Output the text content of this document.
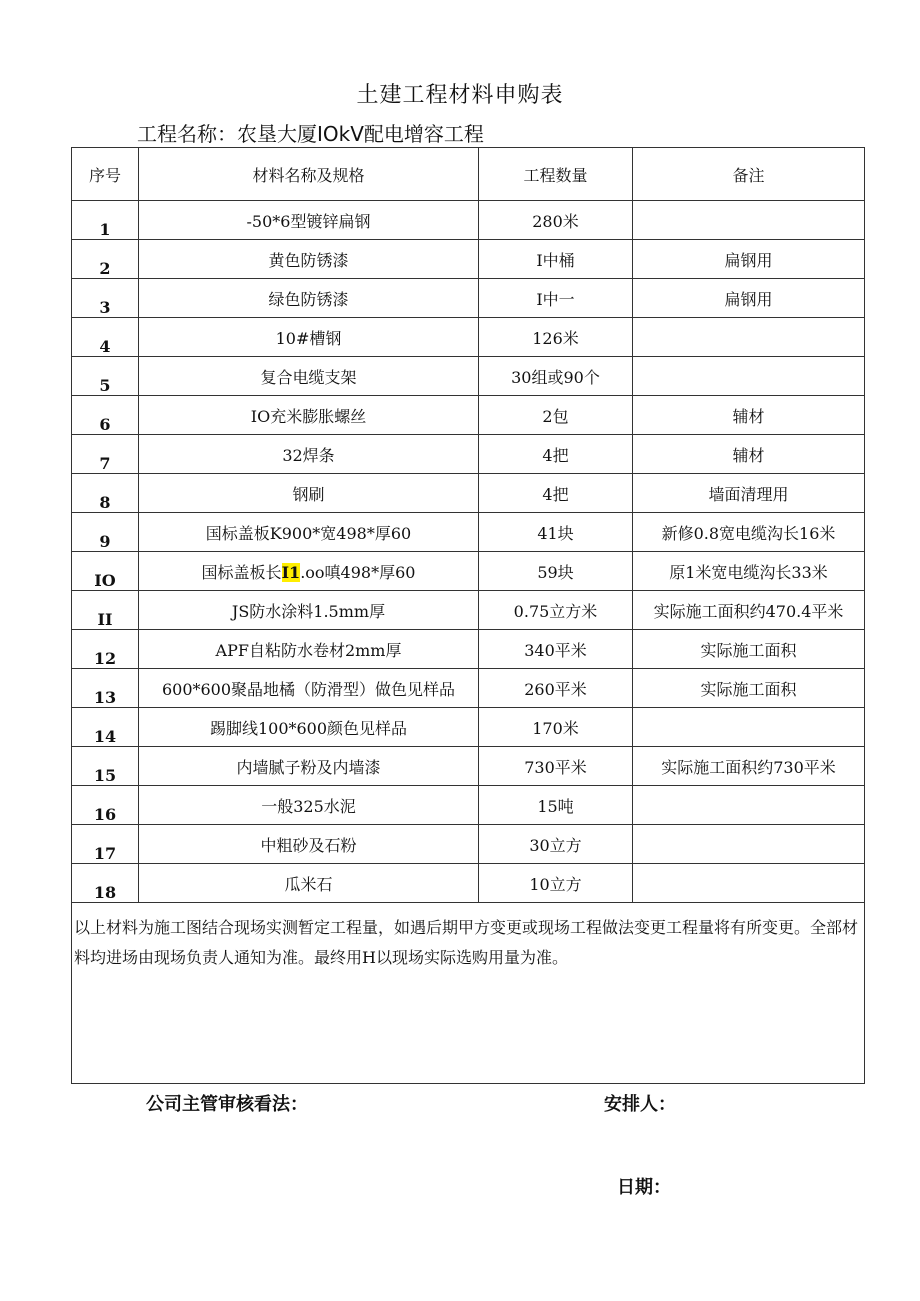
土建工程材料申购表
工程名称：农垦大厦IOkV配电增容工程
序号	材料名称及规格	工程数量	备注
1	-50*6型镀锌扁钢	280米	
2	黄色防锈漆	I中桶	扁钢用
3	绿色防锈漆	I中一	扁钢用
4	10#槽钢	126米	
5	复合电缆支架	30组或90个	
6	IO充米膨胀螺丝	2包	辅材
7	32焊条	4把	辅材
8	钢刷	4把	墙面清理用
9	国标盖板K900*宽498*厚60	41块	新修0.8宽电缆沟长16米
IO	国标盖板长I1.oo嗔498*厚60	59块	原1米宽电缆沟长33米
II	JS防水涂料1.5mm厚	0.75立方米	实际施工面积约470.4平米
12	APF自粘防水卷材2mm厚	340平米	实际施工面积
13	600*600聚晶地橘（防滑型）做色见样品	260平米	实际施工面积
14	踢脚线100*600颜色见样品	170米	
15	内墙腻子粉及内墙漆	730平米	实际施工面积约730平米
16	一般325水泥	15吨	
17	中粗砂及石粉	30立方	
18	瓜米石	10立方	
以上材料为施工图结合现场实测暂定工程量，如遇后期甲方变更或现场工程做法变更工程量将有所变更。全部材料均进场由现场负责人通知为准。最终用H以现场实际选购用量为准。			
公司主管审核看法：	安排人：
日期：
